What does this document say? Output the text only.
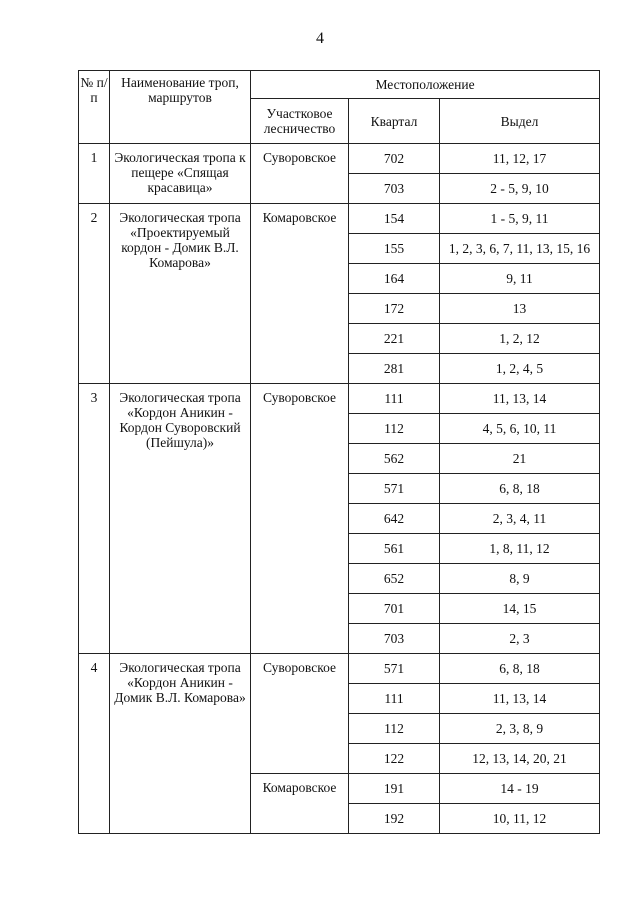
4
№ п/п	Наименование троп, маршрутов	Местоположение		
		Участковое лесничество	Квартал	Выдел
1	Экологическая тропа к пещере «Спящая красавица»	Суворовское	702	11, 12, 17
			703	2 - 5, 9, 10
2	Экологическая тропа «Проектируемый кордон - Домик В.Л. Комарова»	Комаровское	154	1 - 5, 9, 11
			155	1, 2, 3, 6, 7, 11, 13, 15, 16
			164	9, 11
			172	13
			221	1, 2, 12
			281	1, 2, 4, 5
3	Экологическая тропа «Кордон Аникин - Кордон Суворовский (Пейшула)»	Суворовское	111	11, 13, 14
			112	4, 5, 6, 10, 11
			562	21
			571	6, 8, 18
			642	2, 3, 4, 11
			561	1, 8, 11, 12
			652	8, 9
			701	14, 15
			703	2, 3
4	Экологическая тропа «Кордон Аникин - Домик В.Л. Комарова»	Суворовское	571	6, 8, 18
			111	11, 13, 14
			112	2, 3, 8, 9
			122	12, 13, 14, 20, 21
		Комаровское	191	14 - 19
			192	10, 11, 12
